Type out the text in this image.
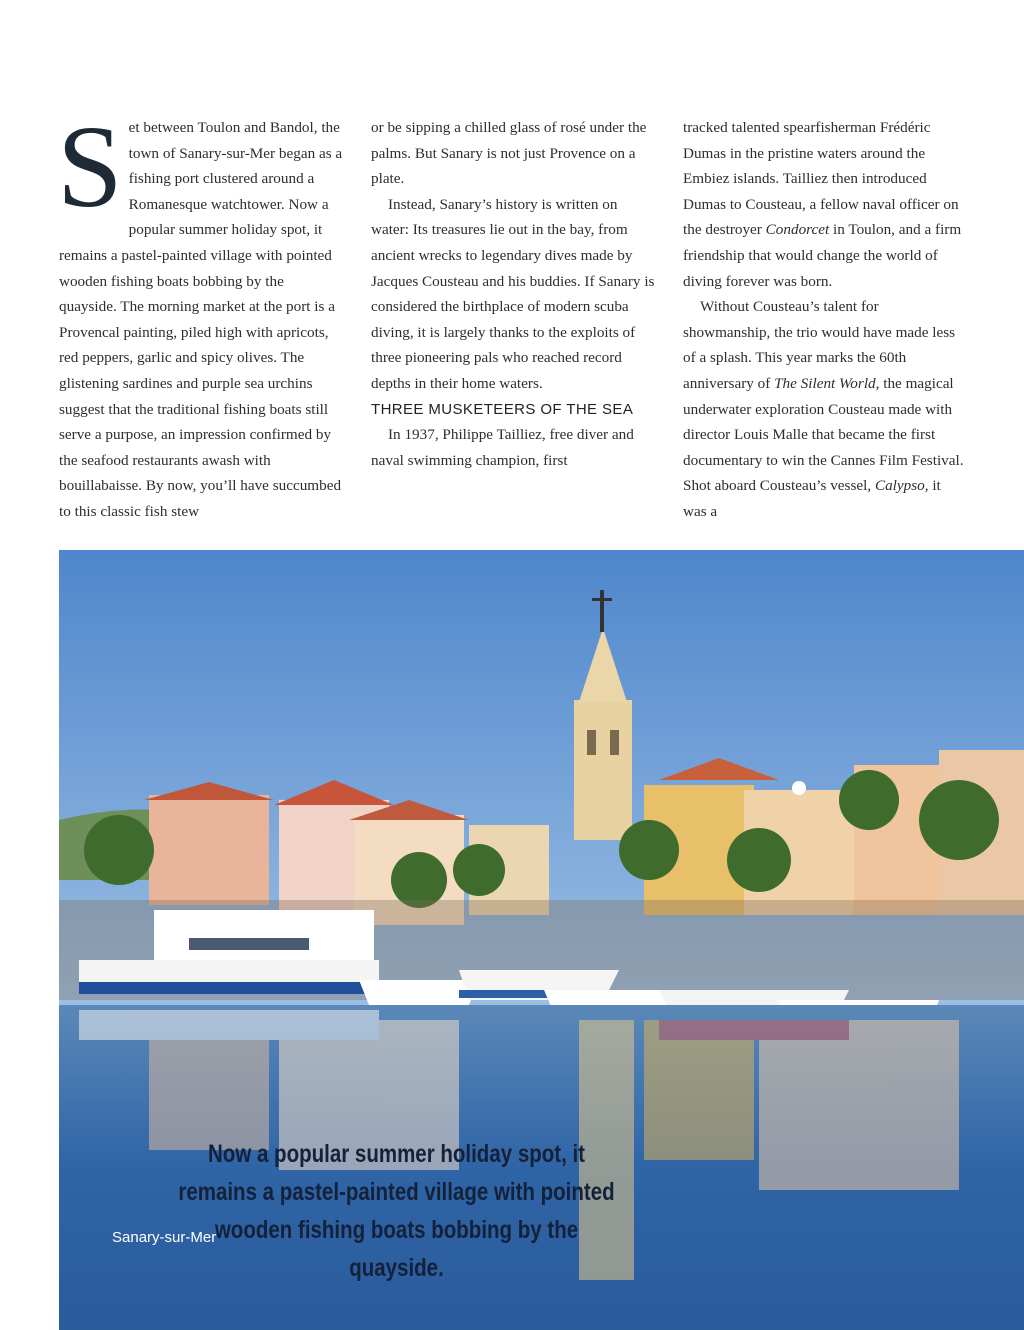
Set between Toulon and Bandol, the town of Sanary-sur-Mer began as a fishing port clustered around a Romanesque watchtower. Now a popular summer holiday spot, it remains a pastel-painted village with pointed wooden fishing boats bobbing by the quayside. The morning market at the port is a Provencal painting, piled high with apricots, red peppers, garlic and spicy olives. The glistening sardines and purple sea urchins suggest that the traditional fishing boats still serve a purpose, an impression confirmed by the seafood restaurants awash with bouillabaisse. By now, you’ll have succumbed to this classic fish stew

or be sipping a chilled glass of rosé under the palms. But Sanary is not just Provence on a plate.

Instead, Sanary’s history is written on water: Its treasures lie out in the bay, from ancient wrecks to legendary dives made by Jacques Cousteau and his buddies. If Sanary is considered the birthplace of modern scuba diving, it is largely thanks to the exploits of three pioneering pals who reached record depths in their home waters.

THREE MUSKETEERS OF THE SEA

In 1937, Philippe Tailliez, free diver and naval swimming champion, first

tracked talented spearfisherman Frédéric Dumas in the pristine waters around the Embiez islands. Tailliez then introduced Dumas to Cousteau, a fellow naval officer on the destroyer Condorcet in Toulon, and a firm friendship that would change the world of diving forever was born.

Without Cousteau’s talent for showmanship, the trio would have made less of a splash. This year marks the 60th anniversary of The Silent World, the magical underwater exploration Cousteau made with director Louis Malle that became the first documentary to win the Cannes Film Festival. Shot aboard Cousteau’s vessel, Calypso, it was a

Now a popular summer holiday spot, it remains a pastel-painted village with pointed wooden fishing boats bobbing by the quayside.
Sanary-sur-Mer
